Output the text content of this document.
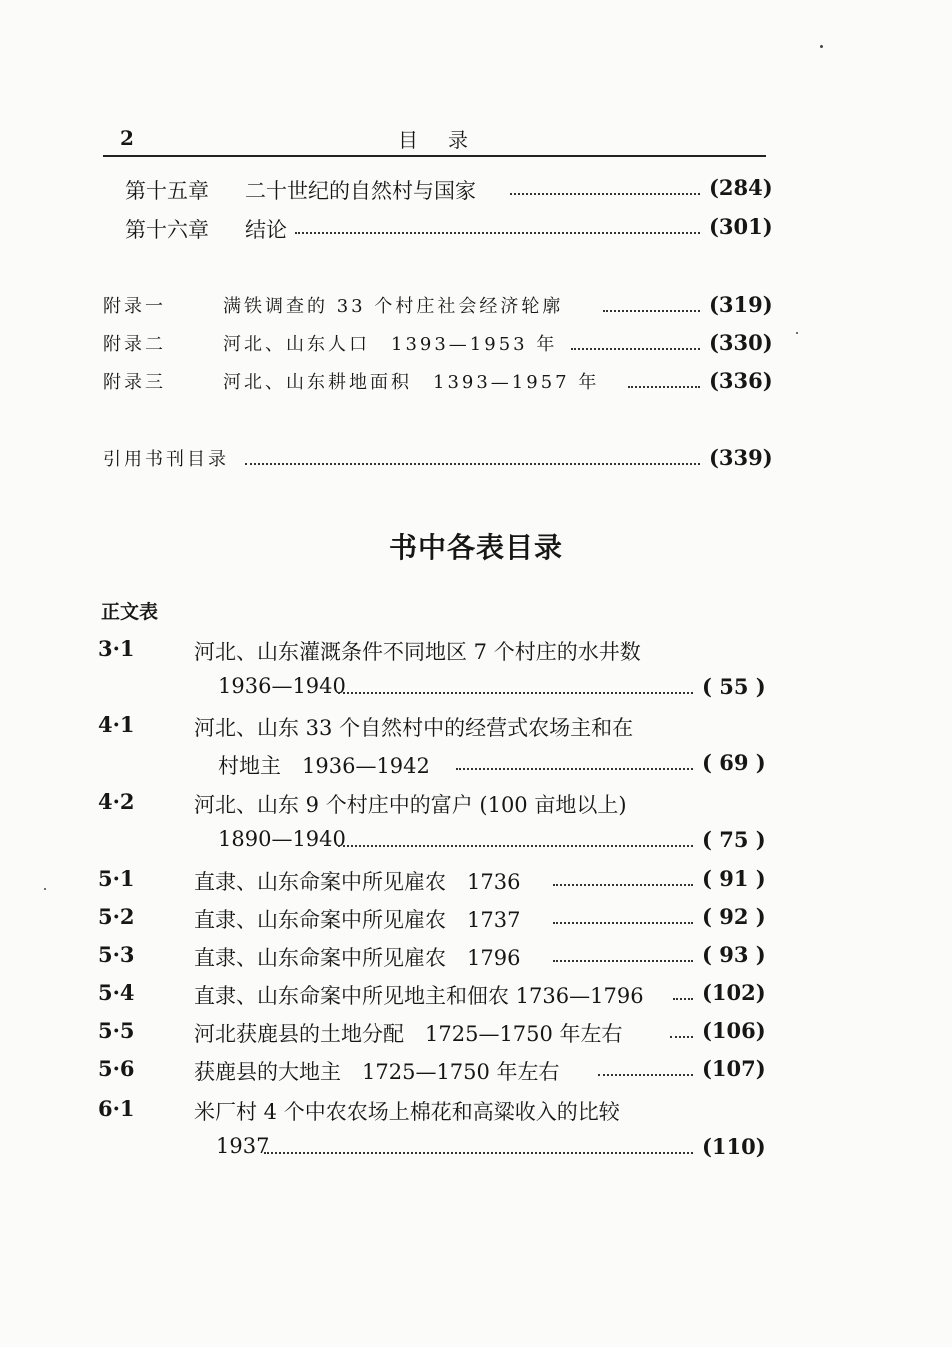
2	目录
第十五章 二十世纪的自然村与国家	(284)
第十六章 结论	(301)
附录一	满铁调查的 33 个村庄社会经济轮廓	(319)
附录二	河北、山东人口　1393—1953 年	(330)
附录三	河北、山东耕地面积　1393—1957 年	(336)
引用书刊目录	(339)
书中各表目录
正文表
3·1	河北、山东灌溉条件不同地区 7 个村庄的水井数
1936—1940	( 55 )
4·1	河北、山东 33 个自然村中的经营式农场主和在
村地主　1936—1942	( 69 )
4·2	河北、山东 9 个村庄中的富户 (100 亩地以上)
1890—1940	( 75 )
5·1	直隶、山东命案中所见雇农　1736	( 91 )
5·2	直隶、山东命案中所见雇农　1737	( 92 )
5·3	直隶、山东命案中所见雇农　1796	( 93 )
5·4	直隶、山东命案中所见地主和佃农 1736—1796	(102)
5·5	河北获鹿县的土地分配　1725—1750 年左右	(106)
5·6	获鹿县的大地主　1725—1750 年左右	(107)
6·1	米厂村 4 个中农农场上棉花和高粱收入的比较
1937	(110)
